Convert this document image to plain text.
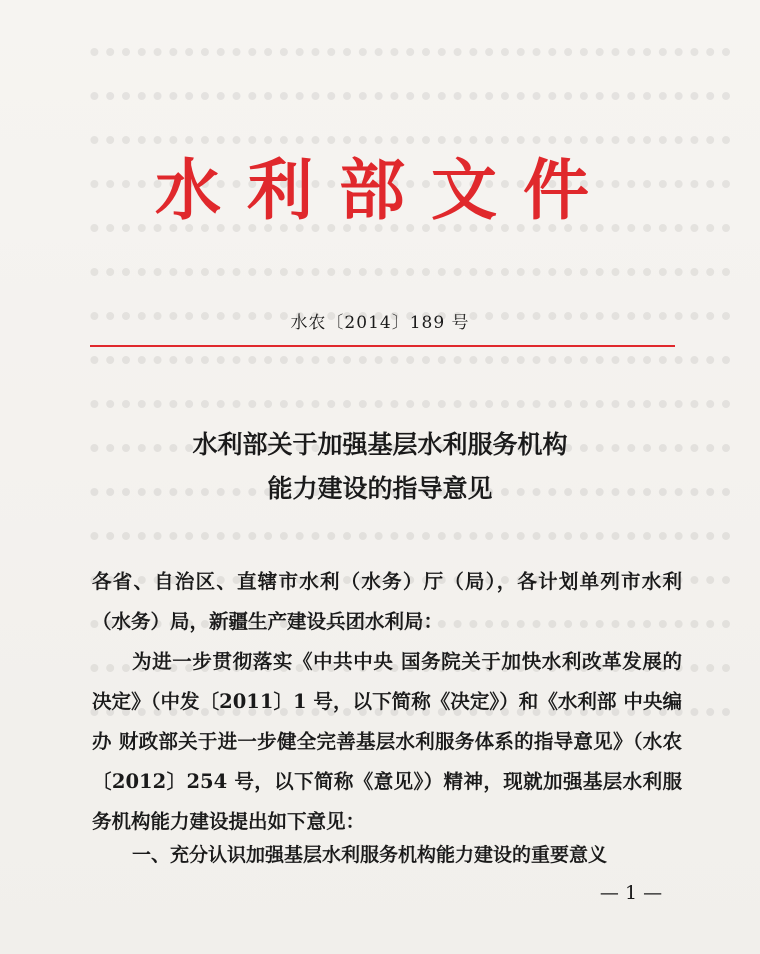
水利部文件
水农〔2014〕189 号
水利部关于加强基层水利服务机构
能力建设的指导意见

各省、自治区、直辖市水利（水务）厅（局），各计划单列市水利（水务）局，新疆生产建设兵团水利局：

为进一步贯彻落实《中共中央 国务院关于加快水利改革发展的决定》（中发〔2011〕1 号，以下简称《决定》）和《水利部 中央编办 财政部关于进一步健全完善基层水利服务体系的指导意见》（水农〔2012〕254 号，以下简称《意见》）精神，现就加强基层水利服务机构能力建设提出如下意见：

一、充分认识加强基层水利服务机构能力建设的重要意义
— 1 —
